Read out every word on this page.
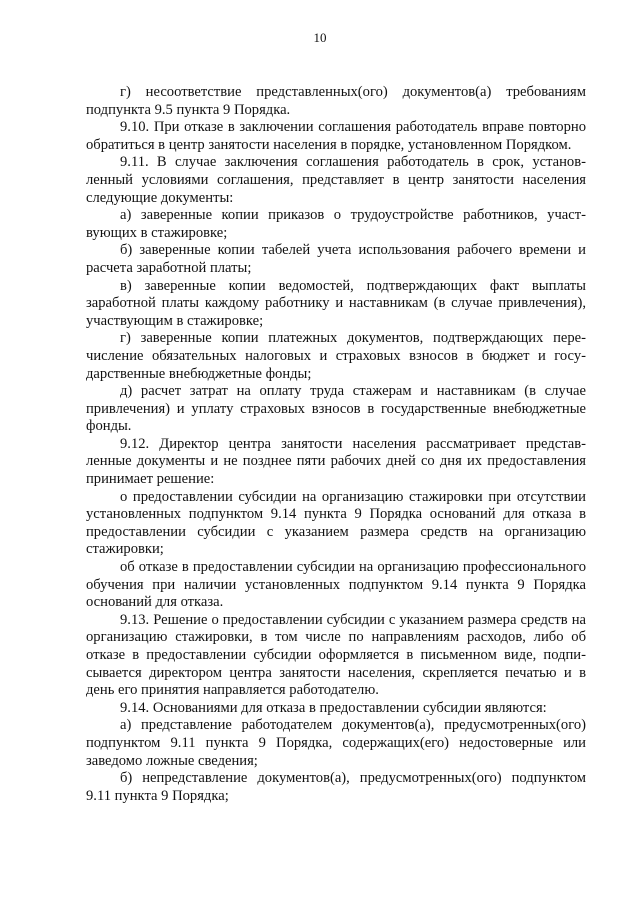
10

г) несоответствие представленных(ого) документов(а) требованиям подпункта 9.5 пункта 9 Порядка.

9.10. При отказе в заключении соглашения работодатель вправе повторно обратиться в центр занятости населения в порядке, установленном Порядком.

9.11. В случае заключения соглашения работодатель в срок, установленный условиями соглашения, представляет в центр занятости населения следующие документы:

а) заверенные копии приказов о трудоустройстве работников, участвующих в стажировке;

б) заверенные копии табелей учета использования рабочего времени и расчета заработной платы;

в) заверенные копии ведомостей, подтверждающих факт выплаты заработной платы каждому работнику и наставникам (в случае привлечения), участвующим в стажировке;

г) заверенные копии платежных документов, подтверждающих перечисление обязательных налоговых и страховых взносов в бюджет и государственные внебюджетные фонды;

д) расчет затрат на оплату труда стажерам и наставникам (в случае привлечения) и уплату страховых взносов в государственные внебюджетные фонды.

9.12. Директор центра занятости населения рассматривает представленные документы и не позднее пяти рабочих дней со дня их предоставления принимает решение:

о предоставлении субсидии на организацию стажировки при отсутствии установленных подпунктом 9.14 пункта 9 Порядка оснований для отказа в предоставлении субсидии с указанием размера средств на организацию стажировки;

об отказе в предоставлении субсидии на организацию профессионального обучения при наличии установленных подпунктом 9.14 пункта 9 Порядка оснований для отказа.

9.13. Решение о предоставлении субсидии с указанием размера средств на организацию стажировки, в том числе по направлениям расходов, либо об отказе в предоставлении субсидии оформляется в письменном виде, подписывается директором центра занятости населения, скрепляется печатью и в день его принятия направляется работодателю.

9.14. Основаниями для отказа в предоставлении субсидии являются:

а) представление работодателем документов(а), предусмотренных(ого) подпунктом 9.11 пункта 9 Порядка, содержащих(его) недостоверные или заведомо ложные сведения;

б) непредставление документов(а), предусмотренных(ого) подпунктом 9.11 пункта 9 Порядка;
